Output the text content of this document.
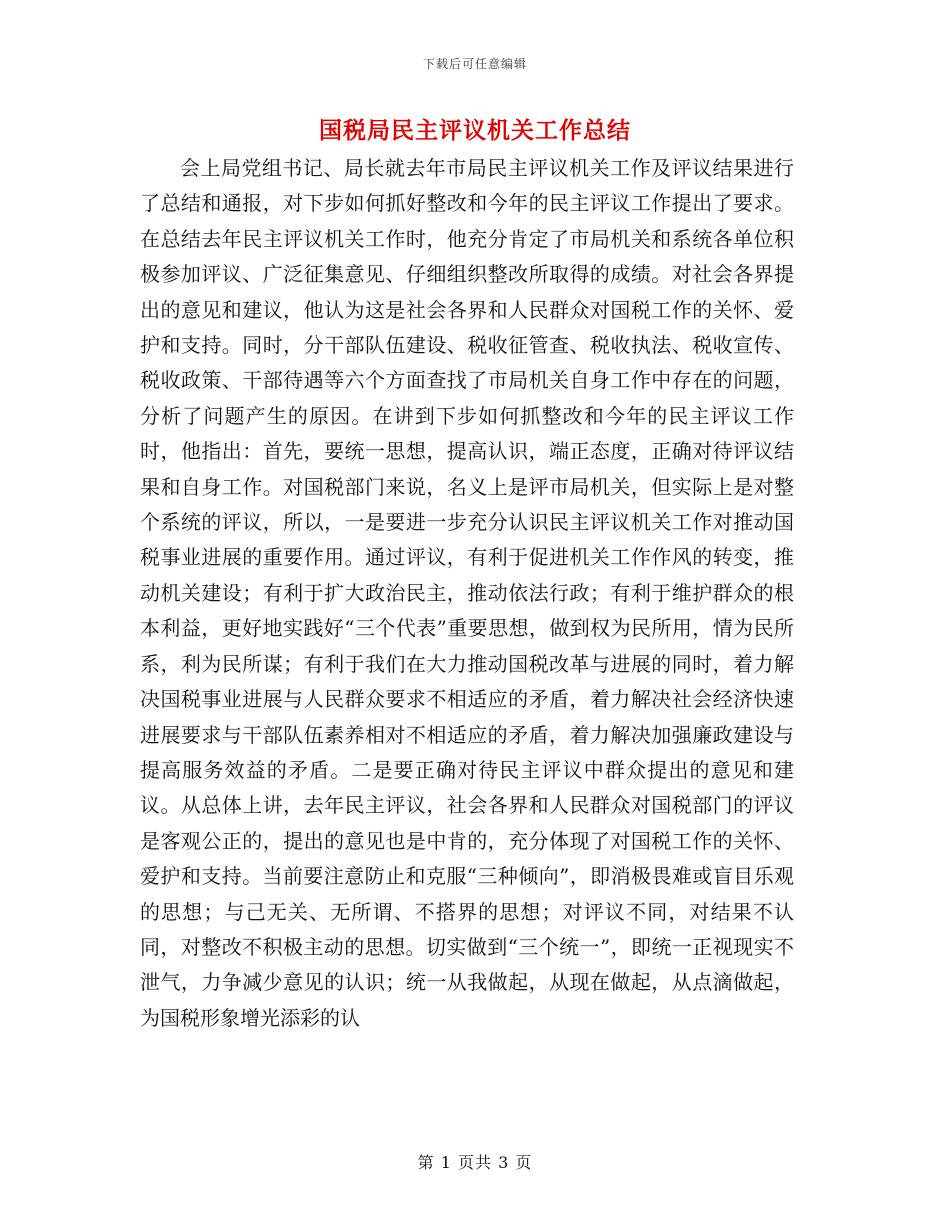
下载后可任意编辑
国税局民主评议机关工作总结

会上局党组书记、局长就去年市局民主评议机关工作及评议结果进行了总结和通报，对下步如何抓好整改和今年的民主评议工作提出了要求。在总结去年民主评议机关工作时，他充分肯定了市局机关和系统各单位积极参加评议、广泛征集意见、仔细组织整改所取得的成绩。对社会各界提出的意见和建议，他认为这是社会各界和人民群众对国税工作的关怀、爱护和支持。同时，分干部队伍建设、税收征管查、税收执法、税收宣传、税收政策、干部待遇等六个方面查找了市局机关自身工作中存在的问题，分析了问题产生的原因。在讲到下步如何抓整改和今年的民主评议工作时，他指出：首先，要统一思想，提高认识，端正态度，正确对待评议结果和自身工作。对国税部门来说，名义上是评市局机关，但实际上是对整个系统的评议，所以，一是要进一步充分认识民主评议机关工作对推动国税事业进展的重要作用。通过评议，有利于促进机关工作作风的转变，推动机关建设；有利于扩大政治民主，推动依法行政；有利于维护群众的根本利益，更好地实践好“三个代表”重要思想，做到权为民所用，情为民所系，利为民所谋；有利于我们在大力推动国税改革与进展的同时，着力解决国税事业进展与人民群众要求不相适应的矛盾，着力解决社会经济快速进展要求与干部队伍素养相对不相适应的矛盾，着力解决加强廉政建设与提高服务效益的矛盾。二是要正确对待民主评议中群众提出的意见和建议。从总体上讲，去年民主评议，社会各界和人民群众对国税部门的评议是客观公正的，提出的意见也是中肯的，充分体现了对国税工作的关怀、爱护和支持。当前要注意防止和克服“三种倾向”，即消极畏难或盲目乐观的思想；与己无关、无所谓、不搭界的思想；对评议不同，对结果不认同，对整改不积极主动的思想。切实做到“三个统一”，即统一正视现实不泄气，力争减少意见的认识；统一从我做起，从现在做起，从点滴做起，为国税形象增光添彩的认

第 1 页共 3 页
